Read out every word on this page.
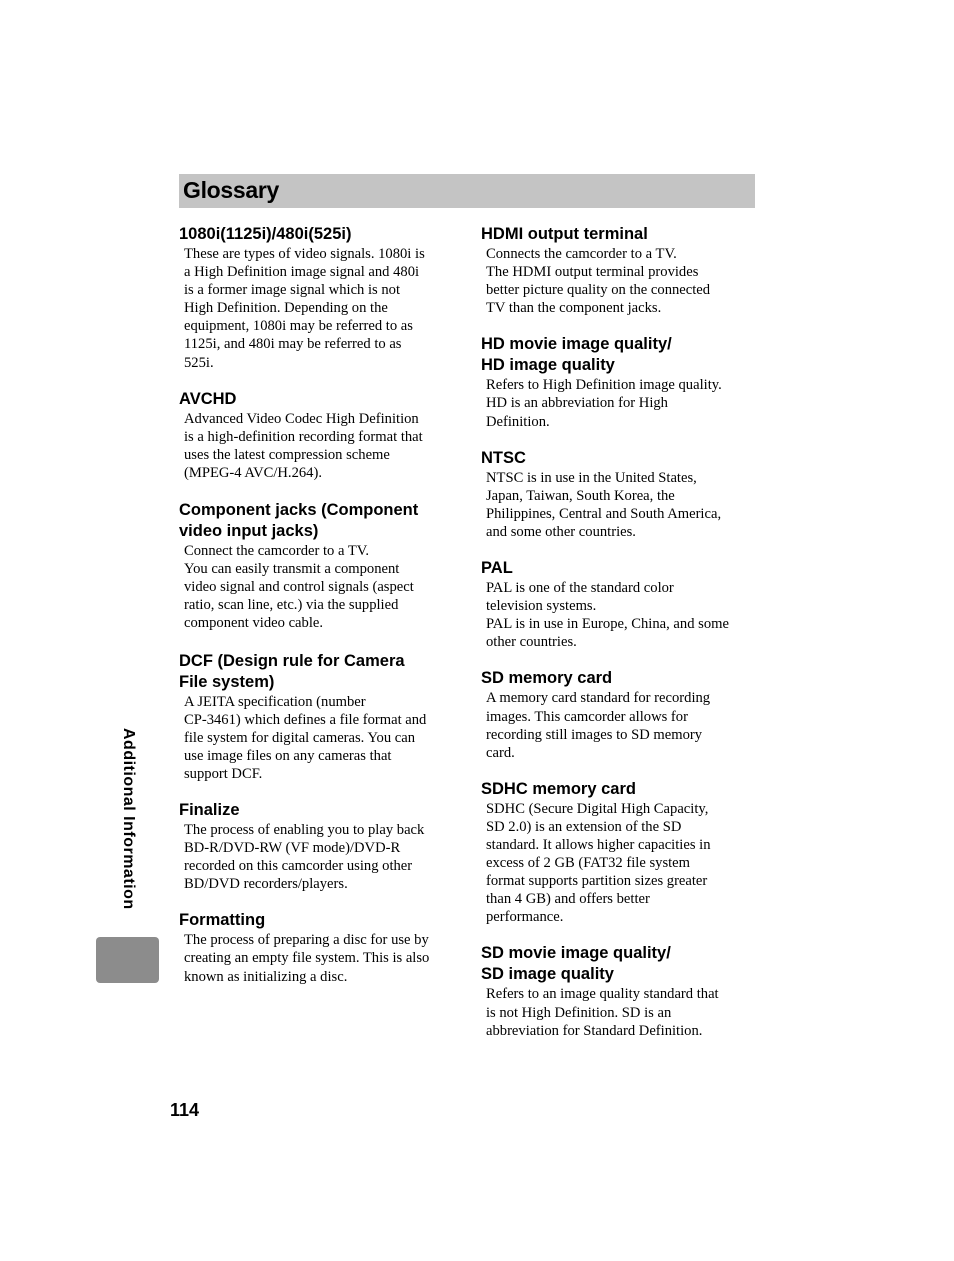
Glossary

1080i(1125i)/480i(525i)

These are types of video signals. 1080i is
a High Definition image signal and 480i
is a former image signal which is not
High Definition. Depending on the
equipment, 1080i may be referred to as
1125i, and 480i may be referred to as
525i.

AVCHD

Advanced Video Codec High Definition
is a high-definition recording format that
uses the latest compression scheme
(MPEG-4 AVC/H.264).

Component jacks (Component
video input jacks)

Connect the camcorder to a TV.
You can easily transmit a component
video signal and control signals (aspect
ratio, scan line, etc.) via the supplied
component video cable.

DCF (Design rule for Camera
File system)

A JEITA specification (number
CP-3461) which defines a file format and
file system for digital cameras. You can
use image files on any cameras that
support DCF.

Finalize

The process of enabling you to play back
BD-R/DVD-RW (VF mode)/DVD-R
recorded on this camcorder using other
BD/DVD recorders/players.

Formatting

The process of preparing a disc for use by
creating an empty file system. This is also
known as initializing a disc.

HDMI output terminal

Connects the camcorder to a TV.
The HDMI output terminal provides
better picture quality on the connected
TV than the component jacks.

HD movie image quality/
HD image quality

Refers to High Definition image quality.
HD is an abbreviation for High
Definition.

NTSC

NTSC is in use in the United States,
Japan, Taiwan, South Korea, the
Philippines, Central and South America,
and some other countries.

PAL

PAL is one of the standard color
television systems.
PAL is in use in Europe, China, and some
other countries.

SD memory card

A memory card standard for recording
images. This camcorder allows for
recording still images to SD memory
card.

SDHC memory card

SDHC (Secure Digital High Capacity,
SD 2.0) is an extension of the SD
standard. It allows higher capacities in
excess of 2 GB (FAT32 file system
format supports partition sizes greater
than 4 GB) and offers better
performance.

SD movie image quality/
SD image quality

Refers to an image quality standard that
is not High Definition. SD is an
abbreviation for Standard Definition.

Additional Information
114
